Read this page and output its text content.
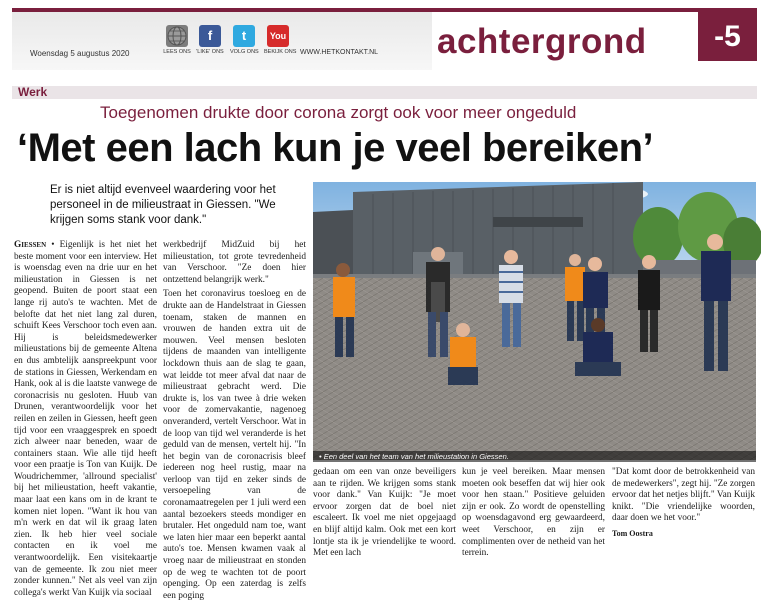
Woensdag 5 augustus 2020	LEES ONS
f
'LIKE' ONS
t
VOLG ONS
You
BEKIJK ONS WWW.HETKONTAKT.NL achtergrond	-5
Werk
Toegenomen drukte door corona zorgt ook voor meer ongeduld
‘Met een lach kun je veel bereiken’
Er is niet altijd evenveel waardering voor het personeel in de milieustraat in Giessen. "We krijgen soms stank voor dank."

Giessen • Eigenlijk is het niet het beste moment voor een interview. Het is woensdag even na drie uur en het milieustation in Giessen is net geopend. Buiten de poort staat een lange rij auto's te wachten. Met de belofte dat het niet lang zal duren, schuift Kees Verschoor toch even aan. Hij is beleidsmedewerker milieustations bij de gemeente Altena en dus ambtelijk aanspreekpunt voor de stations in Giessen, Werkendam en Hank, ook al is die laatste vanwege de coronacrisis nu gesloten. Huub van Drunen, verantwoordelijk voor het reilen en zeilen in Giessen, heeft geen tijd voor een vraaggesprek en spoedt zich alweer naar beneden, waar de containers staan. Wie alle tijd heeft voor een praatje is Ton van Kuijk. De Woudrichemmer, 'allround specialist' bij het milieustation, heeft vakantie, maar laat een kans om in de krant te komen niet lopen. "Want ik hou van m'n werk en dat wil ik graag laten zien. Ik heb hier veel sociale contacten en ik voel me verantwoordelijk. Een visitekaartje van de gemeente. Ik zou niet meer zonder kunnen." Net als veel van zijn collega's werkt Van Kuijk via sociaal

werkbedrijf MidZuid bij het milieustation, tot grote tevredenheid van Verschoor. "Ze doen hier ontzettend belangrijk werk."

Toen het coronavirus toesloeg en de drukte aan de Handelstraat in Giessen toenam, staken de mannen en vrouwen de handen extra uit de mouwen. Veel mensen besloten tijdens de maanden van intelligente lockdown thuis aan de slag te gaan, wat leidde tot meer afval dat naar de milieustraat gebracht werd. Die drukte is, los van twee à drie weken voor de zomervakantie, nagenoeg onveranderd, vertelt Verschoor. Wat in de loop van tijd wel veranderde is het geduld van de mensen, vertelt hij. "In het begin van de coronacrisis bleef iedereen nog heel rustig, maar na verloop van tijd en zeker sinds de versoepeling van de coronamaatregelen per 1 juli werd een aantal bezoekers steeds mondiger en brutaler. Het ongeduld nam toe, want we laten hier maar een beperkt aantal auto's toe. Mensen kwamen vaak al vroeg naar de milieustraat en stonden op de weg te wachten tot de poort openging. Op een zaterdag is zelfs een poging

gedaan om een van onze beveiligers aan te rijden. We krijgen soms stank voor dank." Van Kuijk: "Je moet ervoor zorgen dat de boel niet escaleert. Ik voel me niet opgejaagd en blijf altijd kalm. Ook met een kort lontje sta ik je vriendelijke te woord. Met een lach

kun je veel bereiken. Maar mensen moeten ook beseffen dat wij hier ook voor hen staan." Positieve geluiden zijn er ook. Zo wordt de openstelling op woensdagavond erg gewaardeerd, weet Verschoor, en zijn er complimenten over de netheid van het terrein.

"Dat komt door de betrokkenheid van de medewerkers", zegt hij. "Ze zorgen ervoor dat het netjes blijft." Van Kuijk knikt. "Die vriendelijke woorden, daar doen we het voor."

Tom Oostra

• Een deel van het team van het milieustation in Giessen.
